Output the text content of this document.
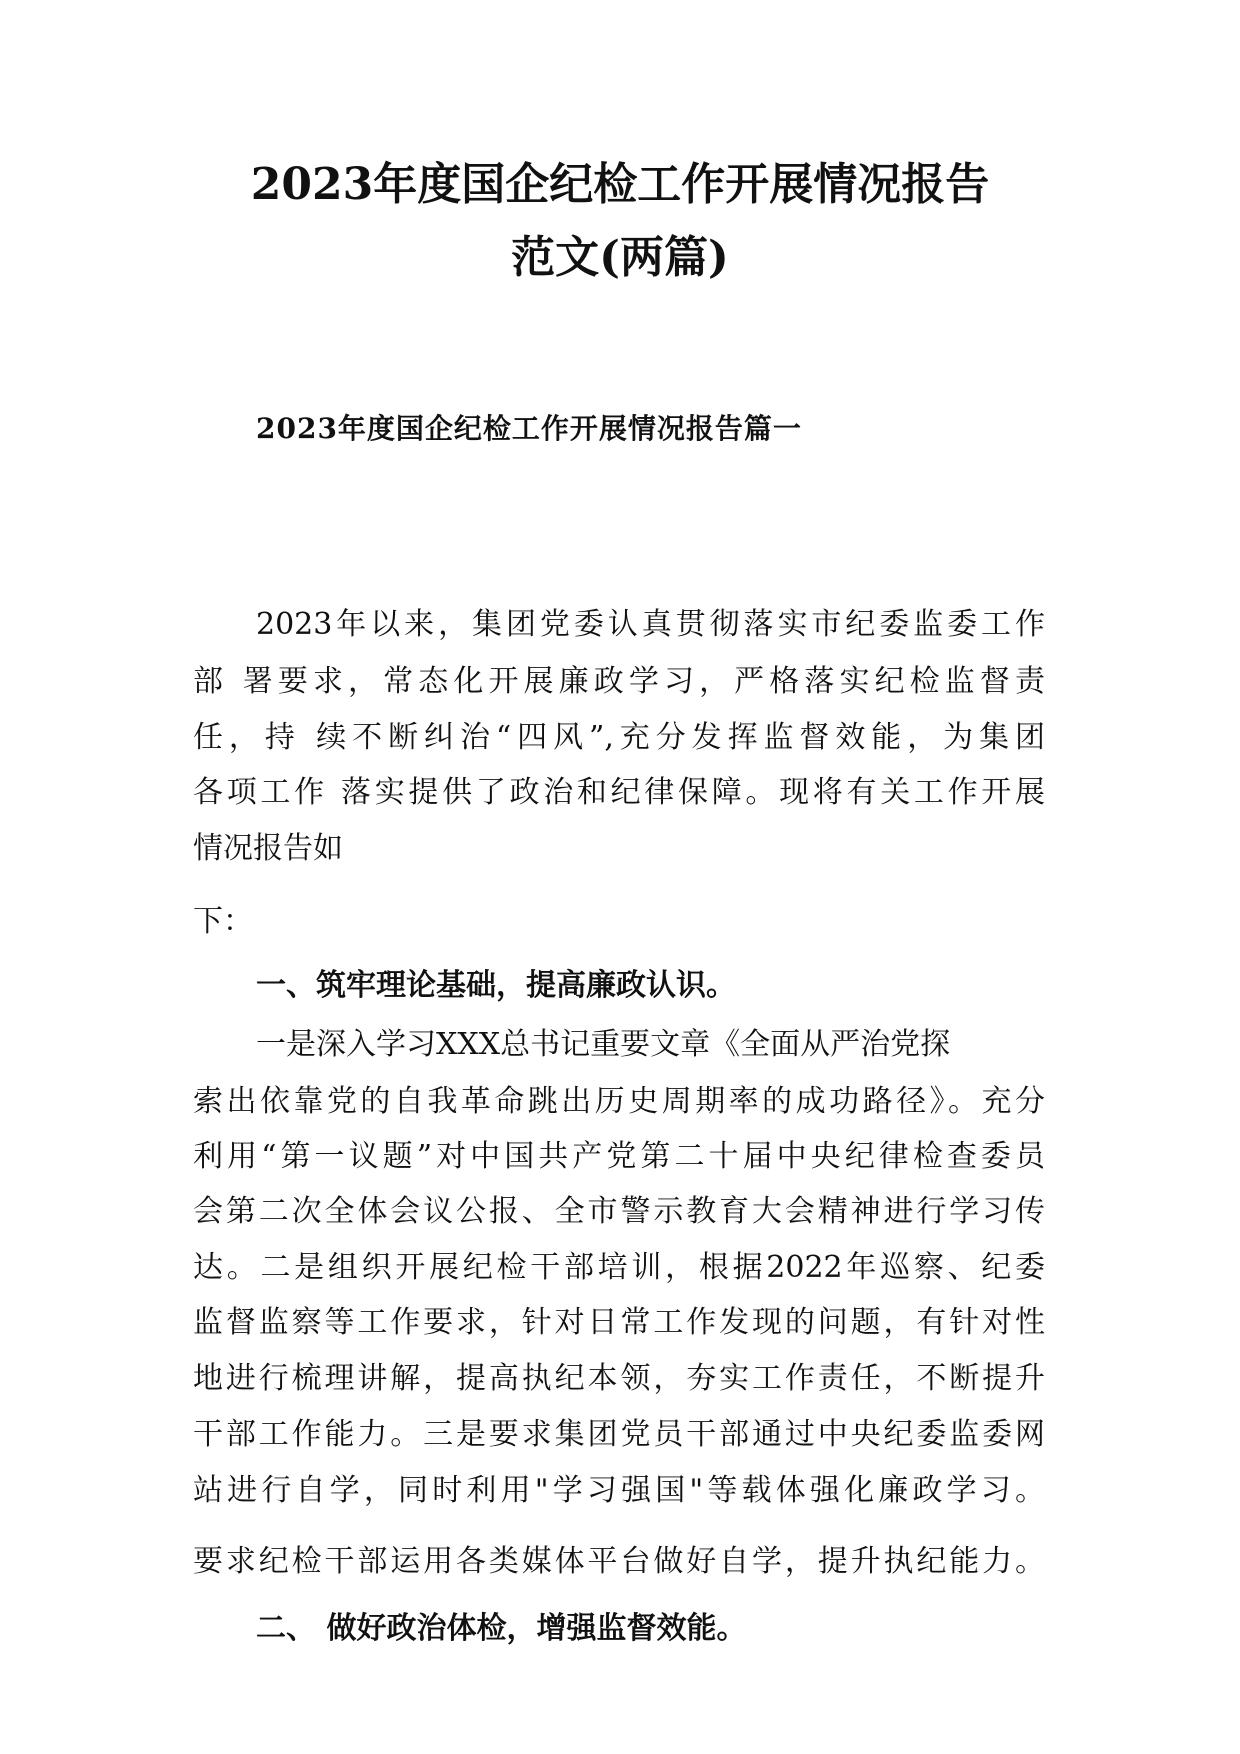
2023年度国企纪检工作开展情况报告
范文(两篇)
2023年度国企纪检工作开展情况报告篇一

2023年以来，集团党委认真贯彻落实市纪委监委工作

部 署要求，常态化开展廉政学习，严格落实纪检监督责

任，持 续不断纠治“四风”,充分发挥监督效能，为集团

各项工作 落实提供了政治和纪律保障。现将有关工作开展

情况报告如

下：

一、筑牢理论基础，提高廉政认识。

一是深入学习XXX总书记重要文章《全面从严治党探

索出依靠党的自我革命跳出历史周期率的成功路径》。充分

利用“第一议题”对中国共产党第二十届中央纪律检查委员

会第二次全体会议公报、全市警示教育大会精神进行学习传

达。二是组织开展纪检干部培训，根据2022年巡察、纪委

监督监察等工作要求，针对日常工作发现的问题，有针对性

地进行梳理讲解，提高执纪本领，夯实工作责任，不断提升

干部工作能力。三是要求集团党员干部通过中央纪委监委网

站进行自学，同时利用"学习强国"等载体强化廉政学习。

要求纪检干部运用各类媒体平台做好自学，提升执纪能力。

二、 做好政治体检，增强监督效能。
